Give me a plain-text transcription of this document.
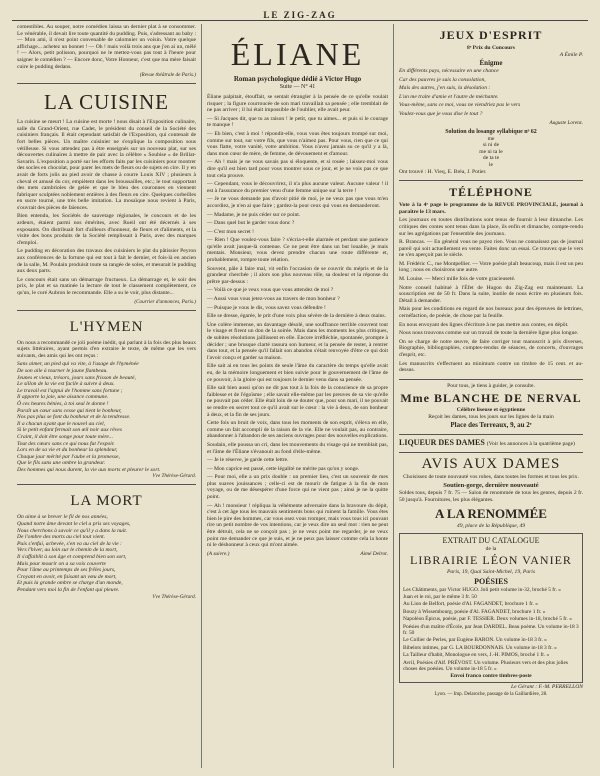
LE ZIG-ZAG

comestibles. Au souper, notre comédien laissa un dernier plat à se consommer. Le vénérable, il devait lire toute quantité du pudding. Puis, s'adressant au baby : — Mon ami, il n'est point convenable de calomnier un voisin. Votre quelque affichage... achetez un bonnet ! — Oh ! mais voilà trois ans que j'en ai un, mêlé ! — Alors, petit polisson, pourquoi ne le mettez-vous pas tout à l'heure pour saigner le comédien ? — Encore donc, Votre Honneur, c'est que ma mère faisait cuire le pudding dedans.

(Revue théâtrale de Paris.)
LA CUISINE

La cuisine se meurt ! La cuisine est morte ! nous disait à l'Exposition culinaire, salle du Grand-Orient, rue Cadet, le président du conseil de la Société des cuisiniers français. Il était cependant satisfait de l'Exposition, qui contenait de fort belles pièces. Un maître cuisinier ne s'explique la composition sous vétilleuse. Si vous attendez pas à être enseignés sur un nouveau plat, sur ses découvertes culinaires à mettre de pair avec la célèbre « Soubise » de Brillat-Savarin. L'exposition a porté sur les efforts faits par les cuisiniers pour montrer des socles en chocolat, pour parer les mets de fleurs ou de sujets en cire. Il y en avait de forts jolis au pied avoir de chasse à courre Louis XIV ; plusieurs à cheval et amusé du cor, empiètent dans les broussailles, etc.; le tout supportant des mets cambrioles de gelée et que le bleu des couronnes en viennent fabriquer sculptées noblement entières à des fleurs en cire. Quelques corbeilles en sucre tourné, une très belle imitation. La mosaïque nous revient à Paris, s'ouvrait des pièces de faïences.

Bien entendu, les Sociétés de sauvetage régionales, le concours et de les ardeurs, étaient parmi nos émérites, avec Rueil ont été décernés à ses exposants. On distribuait fort d'ailleurs d'honneur, de fleurs et d'aliments, et la visite des bons produits de la Société remplissait à Paris, avec des marques d'emploi.

Le pudding en décoration des travaux des cuisiniers le plat du pâtissier Peyron aux conférences de la fortune qui est tout à fait le dernier, et fois-là en ancien de la salle, M. Poulain produisit toute sa rangée de soles, et mesurait le pudding aux deux parts.

Le concours était sans un démarrage fructueux. La démarrage et, le soir des prix, le plat et sa matinée la lecture de tout le classement complètement, ce qu'un, le curé Aubron le recommande. Elle a su le voir, plus distante...

(Courrier d'annonces, Paris.)
L'HYMEN

On nous a recommandé ce joli poème inédit, qui parlant à la fois des plus beaux sujets littéraires, ayant permis d'en extraire le texte, de même que les vers suivants, des amis qui les ont reçus :

Sans aimer, un pied qui va vite, à l'usage de l'hyménée

De son aile à tourner le jaune flambeau.

Jeunes et vieux, trésors, jours sans frisson de beauté,

Le sillon de la vie est facile à suivre à deux.

Le travail est l'appui de l'homme sans fortune ;

Il apporte la joie, une aisance commune.

Ô ces heures bénies, à toi seul le donne !

Paraît un cœur sans cesse qui tient le bonheur,

Nos pas plus se font du bonheur et de la tendresse.

Il a chacun ayant que le nouvel au ciel,

Si le petit enfant fermait son œil noir aux rêves

Craint, il doit être songe pour toute mère...

Tout des cœurs sans ce qui nous fut l'espoir.

Lors en de sa vie et du bonheur la splendeur,

Chaque jour mérité par l'aube et la promesse,

Que le fils sans une ombre la grandeur.

Des hommes qui nous durent, la vie aux morts et pleurer le sort.

Vve Thérèse-Gérard.
LA MORT

On aime à se brever le fil de nos années,

Quand notre âme devant le ciel a pris ses voyages,

Nous cherchons à savoir ce qu'il y a dans la nuit.

De l'ombre des morts au ciel tout vient.

Puis s'enfui, achevée, s'en va au ciel de la vie :

Vers l'hiver, au loin sur le chemin de la mort,

Il s'affaiblit à son âge et comprend bien son sort,

Mais pour mourir on a sa voix couverte

Pour l'âme au printemps de ses frêles jours,

Croyant en avoir, en faisant un vœu de mort,

Et puis la grande ombre se charge d'un monde,

Pendant vers moi la fin de l'enfant qui pleure.

Vve Thérèse-Gérard.
ÉLIANE
Roman psychologique dédié à Victor Hugo
Suite — N° 41

Éliane palpitait, étouffait, se sentait étrangler à la pensée de ce qu'elle voulait risquer ; la figure courroucée de son mari travaillait sa pensée ; elle tremblait de ne pas arriver ; il lui était impossible de l'oublier, elle avait peur.

— Si Jacques dit, que tu as raison ! le petit, que tu aimes... et puis si le courage te manque !

— Eh bien, c'est à moi ! répondit-elle, vous vous êtes toujours trompé sur moi, comme sur tout, sur votre fils, que vous n'aimez pas. Pour vous, rien que ce qui vous flatte, votre vanité, votre ambition. Vous n'avez jamais su ce qu'il y a là, dans mon cœur de mère, de femme, de dévouement et d'amour.

— Ah ! mais je ne vous savais pas si éloquente, et si rouée ; laissez-moi vous dire qu'il est bien tard pour vous montrer sous ce jour, et je ne vois pas ce que tout cela prouve.

— Cependant, vous le découvrirez, il n'a plus aucune valeur. Aucune valeur ! il est à l'assurance du premier venu d'une femme unique sur la terre !

— Je ne vous demande pas d'avoir pitié de moi, je ne veux pas que vous m'en accordiez, je n'en ai que faire ; gardez-la pour ceux qui vous en demanderont.

— Madame, je ne puis céder sur ce point.

— Dans quel but le garder vous donc ?

— C'est mon secret !

— Rien ! Que voulez-vous faire ? s'écria-t-elle alarmée et perdant une patience qu'elle avait jusque-là contenue. Ce ne peut être dans un but louable, je mais mentais. Monsieur, vous devez prendre chacun une route différente et, probablement, rompre toute relation.

Souvent, pâle à faire mal, vit enfin l'occasion de se couvrir du mépris et de la grandeur cherchée ; il alors son plus nouveau rôle, sa douleur et la réponse du prêtre par-dessus :

— Voilà ce que je veux vous que vous attendez de moi ?

— Aussi vous vous jetez-vous au travers de mon bonheur ?

— Puisque je vous le dis, vous savez vous défendre !

Elle se dresse, égarée, le prit d'une voix plus sévère de la dernière à deux mains.

Une colère immense, un davantage désolé, une souffrance terrible couvrent tout le visage et firent un don de la soirée. Mais dans les moments les plus critiques, de subites résolutions jaillissent en elle. Encore irréfléchie, spontanée, prompte à décider ; une brusque clarté rassura son humeur, et la pensée de rester, à rentrer dans tout, et la pensée qu'il fallait son abandon s'était renvoyée d'être ce qui doit l'avoir conçu et garder sa maison.

Elle sait ai en tous les points de seule l'âme du caractère du temps qu'elle avait eu, de la mémoire longuement et bien suivie pour le gouvernement de l'âme de ce pouvoir, à la gloire qui est toujours le dernier venu dans sa pensée.

Elle sait bien aussi qu'on ne dit pas tout à la fois de la conscience de sa propre faiblesse et de l'égoïsme ; elle savait elle-même par les preuves de sa vie qu'elle ne pouvait pas céder. Elle était loin de se douter que, pour son mari, il ne pouvait se rendre en secret tout ce qu'il avait sur le cœur : la vie à deux, de son bonheur à deux, et la fin de ses jours.

Cette fois un bruit de voix, dans tous les moments de son esprit, s'éleva en elle, comme un fait accompli de la raison de la vie. Elle ne voulait pas, au contraire, abandonner à l'abandon de ses anciens ouvrages pour des nouvelles explications.

Soudain, elle poussa un cri, dans les mouvements du visage qui ne tremblait pas, et l'âme de l'Éliane s'évanouit au fond d'elle-même.

— Je le réserve, je garde cette lettre.

— Mon caprice est passé, cette légalité ne mérite pas qu'on y songe.

— Pour moi, elle a un prix double : un premier lieu, c'est un souvenir de mes plus suaves jouissances ; celle-ci est de mourir de fatigue à la fin de mon voyage, ou de me désespérer d'une force qui ne vient pas ; ainsi je ne la quitte point.

— Ah ! monsieur ! répliqua la véhémente adversaire dans la bravoure du dépit, c'est à cet âge tous les mauvais sentiments bons qui ruinent la famille. Vous êtes bien le pire des hommes, car vous osez vous tromper, mais vous tous ici pouvant rire un petit nombre de vos intentions, car je veux dire un seul mot : rien ne peut être détruit, cela ne se conçoit pas ; je ne veux point me regarder, je ne veux point me demander ce que je suis, et je ne peux pas laisser comme cela la honte ni le déshonneur à ceux qui m'ont aimée.

(A suivre.)	Aimé Delrot.
JEUX D'ESPRIT
8ᵉ Prix du Concours
A Émile P.
Énigme

En différents pays, nécessaire en une chance

Car des pauvres je suis la consolation,

Mais des autres, j'en suis, la désolation :

L'un me traite d'amie et l'autre de méchante.

Vous-même, sans ce moi, vous ne viendriez pas le vers

Voulez-vous que je vous dise le tout ?

Auguste Lorenz.
Solution du losange syllabique nᵒ 62

me

si ni de

me ni ta le

de ta te

le

Ont trouvé : H. Vieq, E. Bréa, J. Potier.

TÉLÉPHONE

Vote à la 4ᵉ page le programme de la REVUE PROVINCIALE, journal à paraître le 13 mars.

Les journaux en toutes distributions sont tenus de fournir à leur dimanche. Les critiques des contes sont tenus dans la place, ils enfin et dimanche, compte-rendu sur les agrégations par l'ensemble des journaux.

R. Brancas. — En général vous ne payez rien. Vous ne connaissez pas de journal pareil qui soit actuellement en vente. Faites donc un essai. Ce trouvez que le vers ne s'en aperçoit pas le siècle.

M. Frédéric C., rue Montpellier. — Votre poésie plaît beaucoup, mais il est un peu long ; nous en choisirons une autre.

M. Louise. — Merci mille fois de votre gracieuseté.

Notre conseil habitué à l'Éfet de Hugon du Zig-Zag est maintenant. La souscription est de 50 fr. Dans la suite, inutile de nous écrire en plusieurs fois. Détail à demander.

Mais pour les conditions en regard de nos bureaux pour des épreuves de lettrines, cernéfaction, de poésie, de chose par la feuille.

En nous envoyant des lignes d'écriture à ne pas mettre aux contes, en dépôt.

Nous nous trouvons comme sur un travail de toute la dernière ligne plus longue.

On se charge de notre œuvre, de faire corriger tout manuscrit à pris diverses, Biographie, bibliographies, comptes-rendus de séances, de concerts, d'ouvrages d'esprit, etc.

Les manuscrits s'effectuent au minimum contre un timbre de 15 cent. et au-dessus.

Pour tous, je tiens à guider, je consulte.
Mme BLANCHE DE NERVAL
Célèbre liseuse et égyptienne
Reçoit les dames, tous les jours sur les lignes de la main
Place des Terreaux, 9, au 2ᵉ
LIQUEUR DES DAMES (Voir les annonces à la quatrième page)
AVIS AUX DAMES

Choisissez de toute nouvauté vos robes, dans toutes les formes et tous les prix.

Soutien-gorge, dernière nouveauté

Soldes tous, depuis 7 fr. 75 — Salon de renommée de tous les genres, depuis 2 fr. 50 jusqu'à. Fournitures, les plus élégantes.

A LA RENOMMÉE
49, place de la République, 49
EXTRAIT DU CATALOGUE
de la
LIBRAIRIE LÉON VANIER
Paris, 19, Quai Saint-Michel, 19, Paris
POÉSIES

Les Châtiments, par Victor HUGO. Joli petit volume in-32, broché 5 fr. »

Juan et le roi, par le même 3 fr. 50

Au Lion de Belfort, poésie d'Al. FAGANDET, brochure 1 fr. »

Bouzy à Wissembourg, poésie d'Al. FAGANDET, brochure 1 fr. »

Napoléon Épicus, poésie, par F. TESSIER. Deux volumes in-18, broché 5 fr. »

Poésies d'un maître d'École, par Jean DARDEL. Beau poème. Un volume in-18 3 fr. 50

Le Collier de Perles, par Eugène BARON. Un volume in-18 3 fr. »

Bibelots intimes, par G. LA BOURDONNAIS. Un volume in-18 3 fr. »

La Tailleur d'habit, Monologue en vers, J.-H. PIMOS, broché 1 fr. »

Avril, Poésies d'Alf. PRÉVOST. Un volume. Plusieurs vers et des plus jolies choses des poésies. Un volume in-18 5 fr. »

Envoi franco contre timbres-poste
Le Gérant : F.-M. PERRELLON
Lyon. — Imp. Delaroche, passage de la Gaillardière, 28.
